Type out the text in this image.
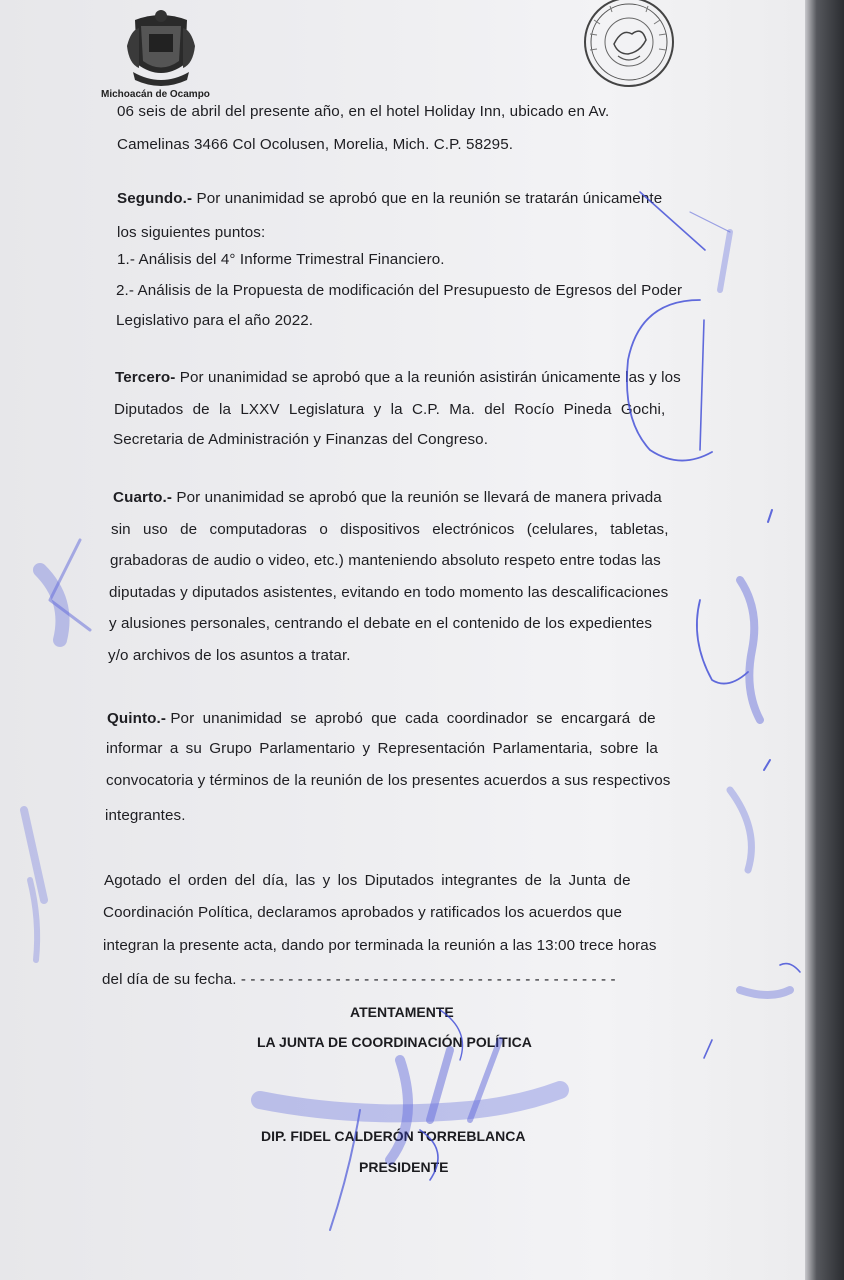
Michoacán de Ocampo
06 seis de abril del presente año, en el hotel Holiday Inn, ubicado en Av.
Camelinas 3466 Col Ocolusen, Morelia, Mich. C.P. 58295.
Segundo.- Por unanimidad se aprobó que en la reunión se tratarán únicamente
los siguientes puntos:
1.- Análisis del 4° Informe Trimestral Financiero.
2.- Análisis de la Propuesta de modificación del Presupuesto de Egresos del Poder
Legislativo para el año 2022.
Tercero- Por unanimidad se aprobó que a la reunión asistirán únicamente las y los
Diputados de la LXXV Legislatura y la C.P. Ma. del Rocío Pineda Gochi,
Secretaria de Administración y Finanzas del Congreso.
Cuarto.- Por unanimidad se aprobó que la reunión se llevará de manera privada
sin uso de computadoras o dispositivos electrónicos (celulares, tabletas,
grabadoras de audio o video, etc.) manteniendo absoluto respeto entre todas las
diputadas y diputados asistentes, evitando en todo momento las descalificaciones
y alusiones personales, centrando el debate en el contenido de los expedientes
y/o archivos de los asuntos a tratar.
Quinto.- Por unanimidad se aprobó que cada coordinador se encargará de
informar a su Grupo Parlamentario y Representación Parlamentaria, sobre la
convocatoria y términos de la reunión de los presentes acuerdos a sus respectivos
integrantes.
Agotado el orden del día, las y los Diputados integrantes de la Junta de
Coordinación Política, declaramos aprobados y ratificados los acuerdos que
integran la presente acta, dando por terminada la reunión a las 13:00 trece horas
del día de su fecha. - - - - - - - - - - - - - - - - - - - - - - - - - - - - - - - - - - - - - - - -
ATENTAMENTE
LA JUNTA DE COORDINACIÓN POLÍTICA
DIP. FIDEL CALDERÓN TORREBLANCA
PRESIDENTE
